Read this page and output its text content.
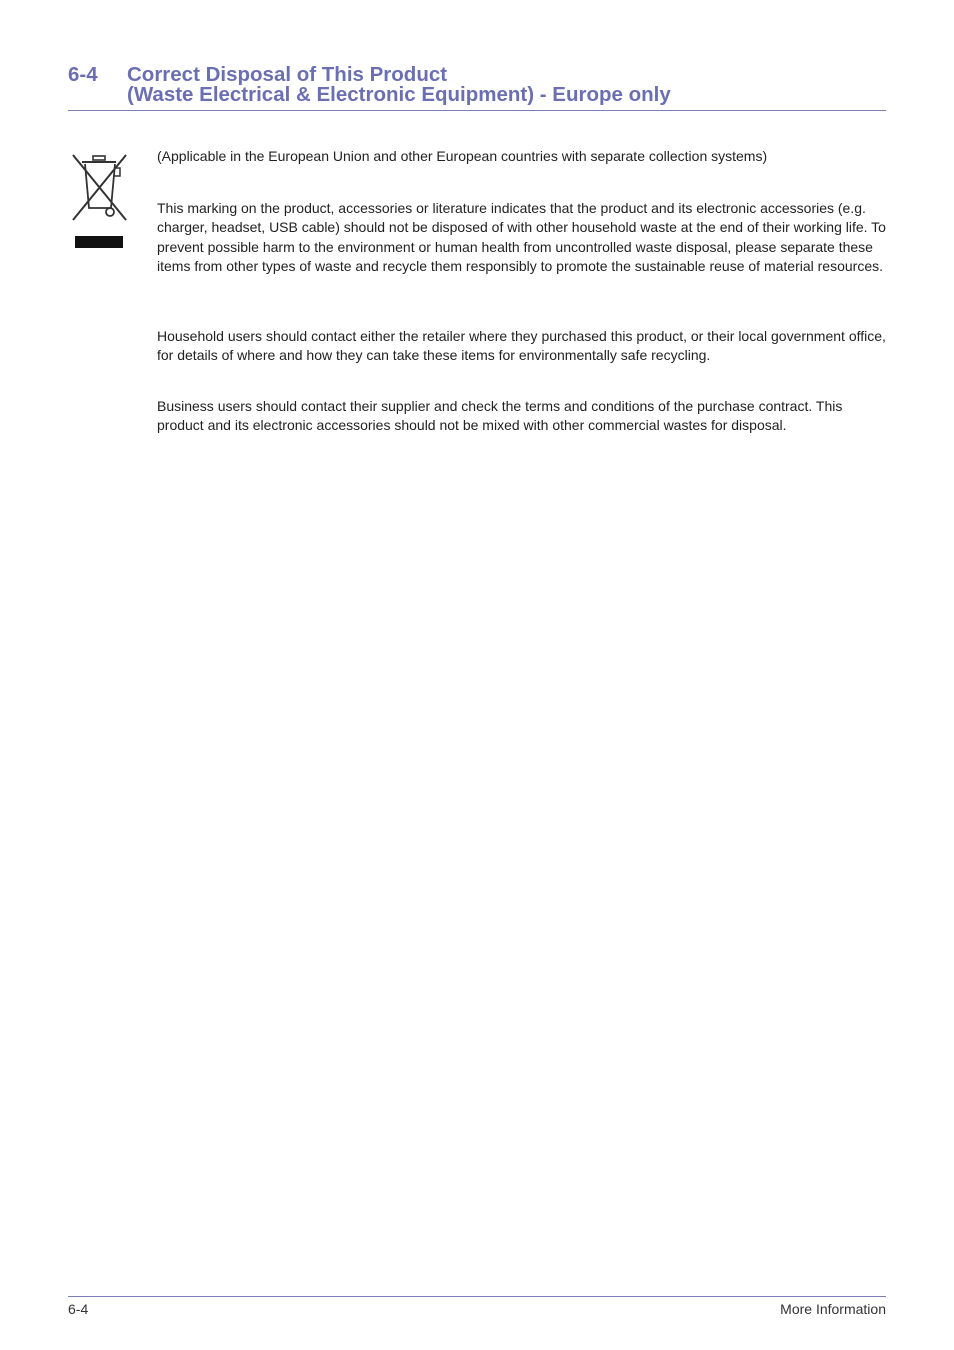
6-4 Correct Disposal of This Product
(Waste Electrical & Electronic Equipment) - Europe only
(Applicable in the European Union and other European countries with separate collection systems)
This marking on the product, accessories or literature indicates that the product and its electronic accessories (e.g. charger, headset, USB cable) should not be disposed of with other household waste at the end of their working life. To prevent possible harm to the environment or human health from uncontrolled waste disposal, please separate these items from other types of waste and recycle them responsibly to promote the sustainable reuse of material resources.
Household users should contact either the retailer where they purchased this product, or their local government office, for details of where and how they can take these items for environmentally safe recycling.
Business users should contact their supplier and check the terms and conditions of the purchase contract. This product and its electronic accessories should not be mixed with other commercial wastes for disposal.
6-4	More Information
